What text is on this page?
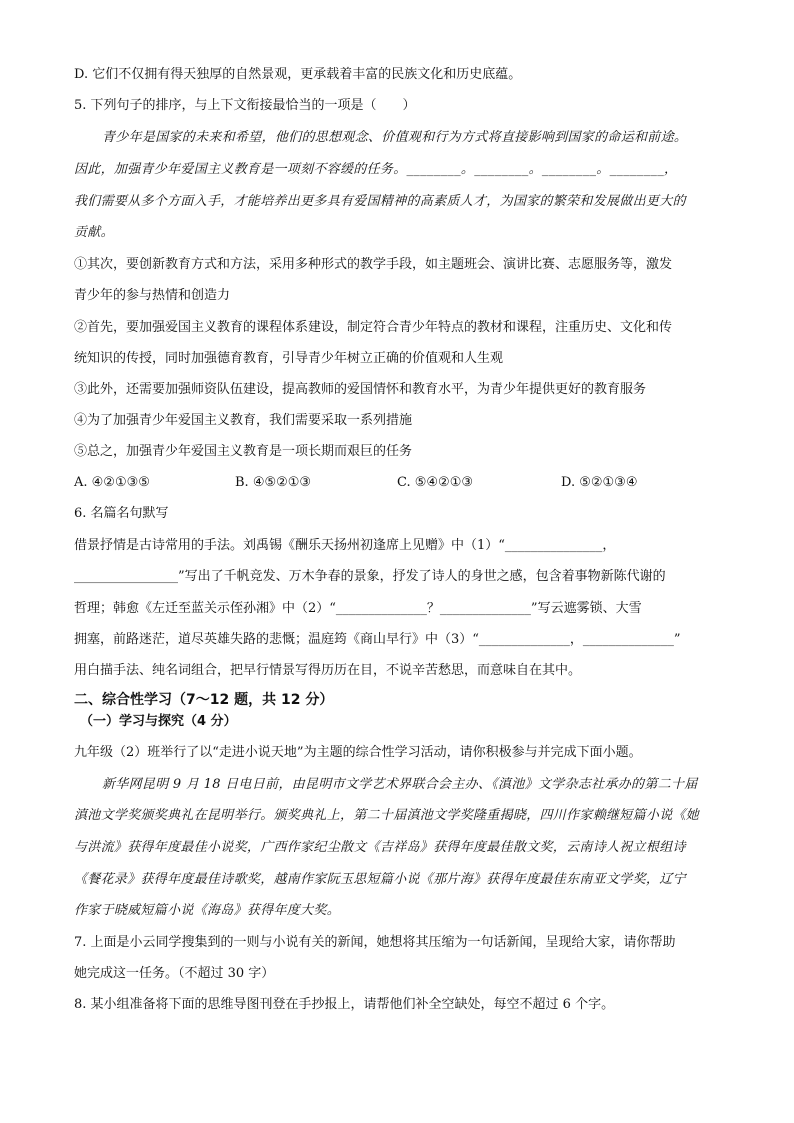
D. 它们不仅拥有得天独厚的自然景观，更承载着丰富的民族文化和历史底蕴。
5. 下列句子的排序，与上下文衔接最恰当的一项是（　　）
青少年是国家的未来和希望，他们的思想观念、价值观和行为方式将直接影响到国家的命运和前途。
因此，加强青少年爱国主义教育是一项刻不容缓的任务。________。________。________。________，
我们需要从多个方面入手，才能培养出更多具有爱国精神的高素质人才，为国家的繁荣和发展做出更大的
贡献。
①其次，要创新教育方式和方法，采用多种形式的教学手段，如主题班会、演讲比赛、志愿服务等，激发
青少年的参与热情和创造力
②首先，要加强爱国主义教育的课程体系建设，制定符合青少年特点的教材和课程，注重历史、文化和传
统知识的传授，同时加强德育教育，引导青少年树立正确的价值观和人生观
③此外，还需要加强师资队伍建设，提高教师的爱国情怀和教育水平，为青少年提供更好的教育服务
④为了加强青少年爱国主义教育，我们需要采取一系列措施
⑤总之，加强青少年爱国主义教育是一项长期而艰巨的任务
A. ④②①③⑤	B. ④⑤②①③	C. ⑤④②①③	D. ⑤②①③④
6. 名篇名句默写
借景抒情是古诗常用的手法。刘禹锡《酬乐天扬州初逢席上见赠》中（1）“_______________，
________________”写出了千帆竞发、万木争春的景象，抒发了诗人的身世之感，包含着事物新陈代谢的
哲理；韩愈《左迁至蓝关示侄孙湘》中（2）“______________？______________”写云遮雾锁、大雪
拥塞，前路迷茫，道尽英雄失路的悲慨；温庭筠《商山早行》中（3）“______________，______________”
用白描手法、纯名词组合，把早行情景写得历历在目，不说辛苦愁思，而意味自在其中。
二、综合性学习（7～12 题，共 12 分）
（一）学习与探究（4 分）
九年级（2）班举行了以“走进小说天地”为主题的综合性学习活动，请你积极参与并完成下面小题。
新华网昆明 9 月 18 日电日前，由昆明市文学艺术界联合会主办、《滇池》文学杂志社承办的第二十届
滇池文学奖颁奖典礼在昆明举行。颁奖典礼上，第二十届滇池文学奖隆重揭晓，四川作家赖继短篇小说《她
与洪流》获得年度最佳小说奖，广西作家纪尘散文《吉祥岛》获得年度最佳散文奖，云南诗人祝立根组诗
《餐花录》获得年度最佳诗歌奖，越南作家阮玉思短篇小说《那片海》获得年度最佳东南亚文学奖，辽宁
作家于晓威短篇小说《海岛》获得年度大奖。
7. 上面是小云同学搜集到的一则与小说有关的新闻，她想将其压缩为一句话新闻，呈现给大家，请你帮助
她完成这一任务。（不超过 30 字）
8. 某小组准备将下面的思维导图刊登在手抄报上，请帮他们补全空缺处，每空不超过 6 个字。
